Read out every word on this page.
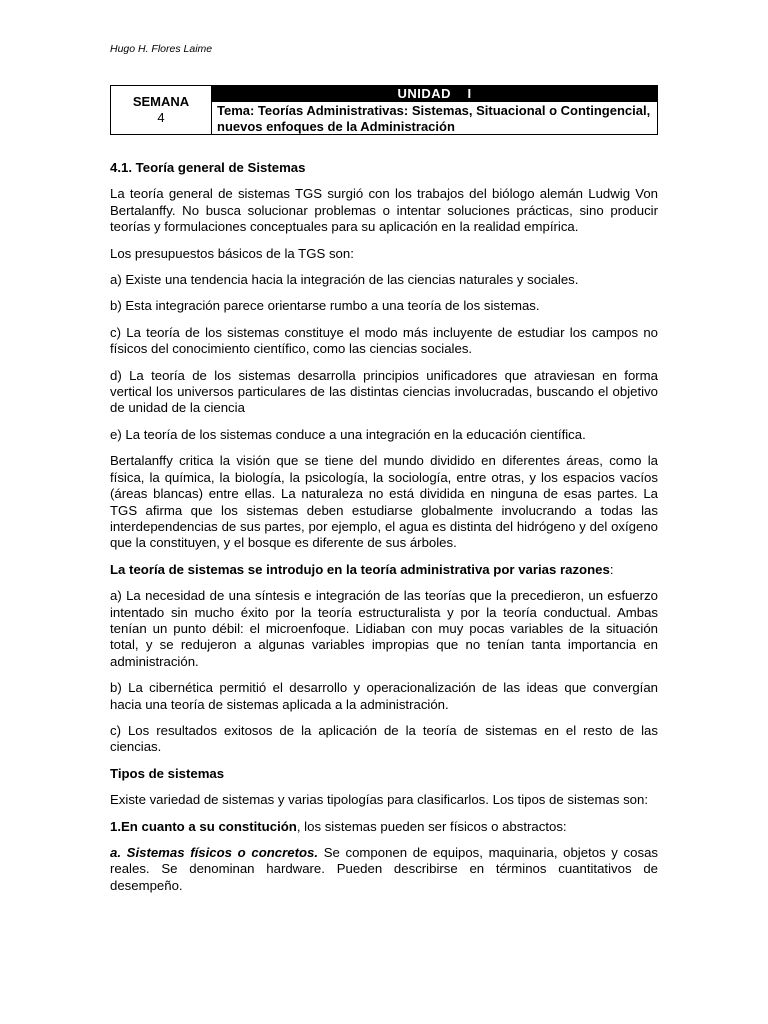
Hugo H. Flores Laime
SEMANA
4
UNIDAD    I
Tema: Teorías Administrativas: Sistemas, Situacional o Contingencial, nuevos enfoques de la Administración
4.1. Teoría general de Sistemas

La teoría general de sistemas TGS surgió con los trabajos del biólogo alemán Ludwig Von Bertalanffy. No busca solucionar problemas o intentar soluciones prácticas, sino producir teorías y formulaciones conceptuales para su aplicación en la realidad empírica.

Los presupuestos básicos de la TGS son:

a) Existe una tendencia hacia la integración de las ciencias naturales y sociales.

b) Esta integración parece orientarse rumbo a una teoría de los sistemas.

c) La teoría de los sistemas constituye el modo más incluyente de estudiar los campos no físicos del conocimiento científico, como las ciencias sociales.

d) La teoría de los sistemas desarrolla principios unificadores que atraviesan en forma vertical los universos particulares de las distintas ciencias involucradas, buscando el objetivo de unidad de la ciencia

e) La teoría de los sistemas conduce a una integración en la educación científica.

Bertalanffy critica la visión que se tiene del mundo dividido en diferentes áreas, como la física, la química, la biología, la psicología, la sociología, entre otras, y los espacios vacíos (áreas blancas) entre ellas. La naturaleza no está dividida en ninguna de esas partes. La TGS afirma que los sistemas deben estudiarse globalmente involucrando a todas las interdependencias de sus partes, por ejemplo, el agua es distinta del hidrógeno y del oxígeno que la constituyen, y el bosque es diferente de sus árboles.

La teoría de sistemas se introdujo en la teoría administrativa por varias razones:

a) La necesidad de una síntesis e integración de las teorías que la precedieron, un esfuerzo intentado sin mucho éxito por la teoría estructuralista y por la teoría conductual. Ambas tenían un punto débil: el microenfoque. Lidiaban con muy pocas variables de la situación total, y se redujeron a algunas variables impropias que no tenían tanta importancia en administración.

b) La cibernética permitió el desarrollo y operacionalización de las ideas que convergían hacia una teoría de sistemas aplicada a la administración.

c) Los resultados exitosos de la aplicación de la teoría de sistemas en el resto de las ciencias.

Tipos de sistemas

Existe variedad de sistemas y varias tipologías para clasificarlos. Los tipos de sistemas son:

1.En cuanto a su constitución, los sistemas pueden ser físicos o abstractos:

a. Sistemas físicos o concretos. Se componen de equipos, maquinaria, objetos y cosas reales. Se denominan hardware. Pueden describirse en términos cuantitativos de desempeño.
